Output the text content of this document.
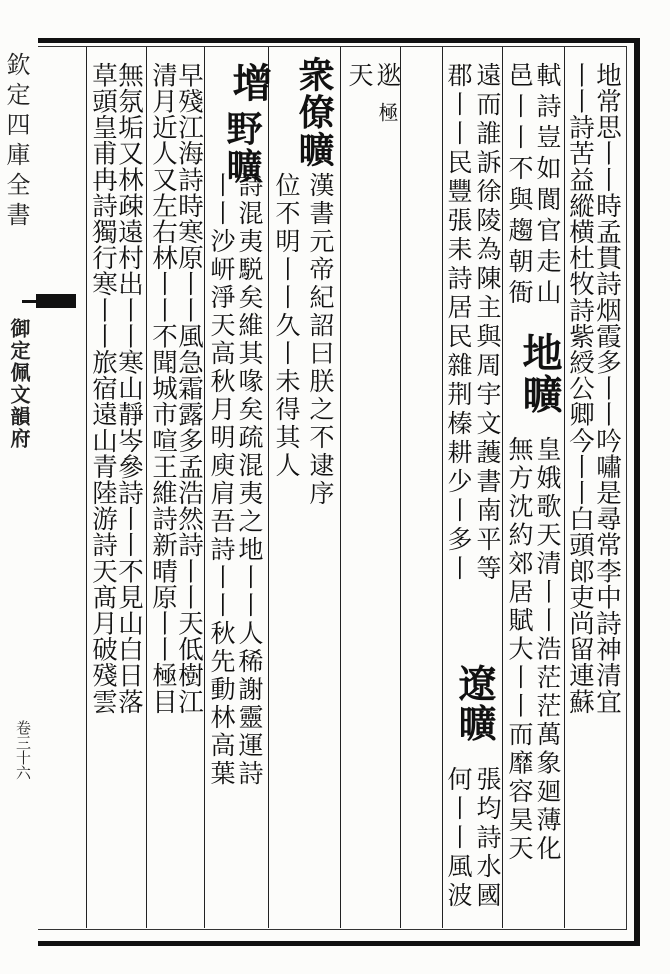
欽定四庫全書
御定佩文韻府
卷三十六
地常思丨丨時孟貫詩烟霞多丨丨吟嘯是尋常李中詩神清宜
丨丨詩苦益縱横杜牧詩紫綬公卿今丨丨白頭郎吏尚留連蘇
軾詩豈如閬官走山
邑丨丨不與趨朝衙
地曠
皇娥歌天清丨丨浩茫茫萬象廻薄化
無方沈約郊居賦大丨丨而靡容昊天
遠而誰訴徐陵為陳主與周宇文䕶書南平等
郡丨丨民豐張耒詩居民雜荆榛耕少丨多丨
遼曠
張均詩水國
何丨丨風波
逖
極
天
衆僚曠
漢書元帝紀詔曰朕之不逮序
位不明丨丨久丨未得其人
增
野曠
詩混夷駾矣維其喙矣疏混夷之地丨丨人稀謝靈運詩
丨丨沙岍淨天高秋月明庾肩吾詩丨丨秋先動林高葉
早殘江海詩時寒原丨丨風急霜露多孟浩然詩丨丨天低樹江
清月近人又左右林丨丨不聞城市喧王維詩新晴原丨丨極目
無氛垢又林疎遠村出丨丨寒山靜岑參詩丨丨不見山白日落
草頭皇甫冉詩獨行寒丨丨旅宿遠山青陸游詩天髙月破殘雲
